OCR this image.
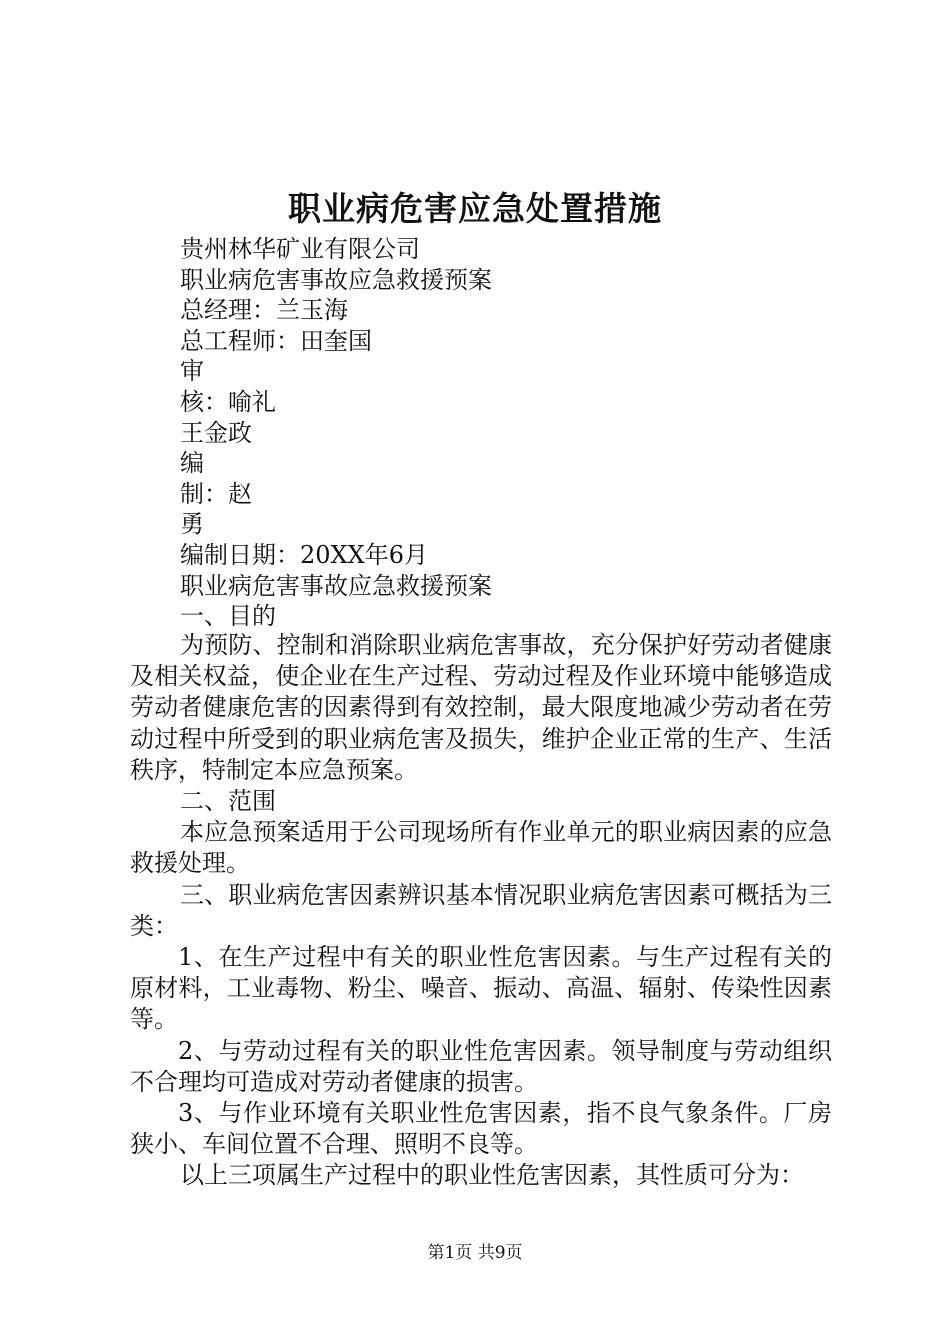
职业病危害应急处置措施
贵州林华矿业有限公司
职业病危害事故应急救援预案
总经理：兰玉海
总工程师：田奎国
审
核：喻礼
王金政
编
制：赵
勇
编制日期：20XX年6月
职业病危害事故应急救援预案
一、目的

为预防、控制和消除职业病危害事故，充分保护好劳动者健康及相关权益，使企业在生产过程、劳动过程及作业环境中能够造成劳动者健康危害的因素得到有效控制，最大限度地减少劳动者在劳动过程中所受到的职业病危害及损失，维护企业正常的生产、生活秩序，特制定本应急预案。

二、范围

本应急预案适用于公司现场所有作业单元的职业病因素的应急救援处理。

三、职业病危害因素辨识基本情况职业病危害因素可概括为三类：

1、在生产过程中有关的职业性危害因素。与生产过程有关的原材料，工业毒物、粉尘、噪音、振动、高温、辐射、传染性因素等。

2、与劳动过程有关的职业性危害因素。领导制度与劳动组织不合理均可造成对劳动者健康的损害。

3、与作业环境有关职业性危害因素，指不良气象条件。厂房狭小、车间位置不合理、照明不良等。

以上三项属生产过程中的职业性危害因素，其性质可分为：

第1页 共9页
